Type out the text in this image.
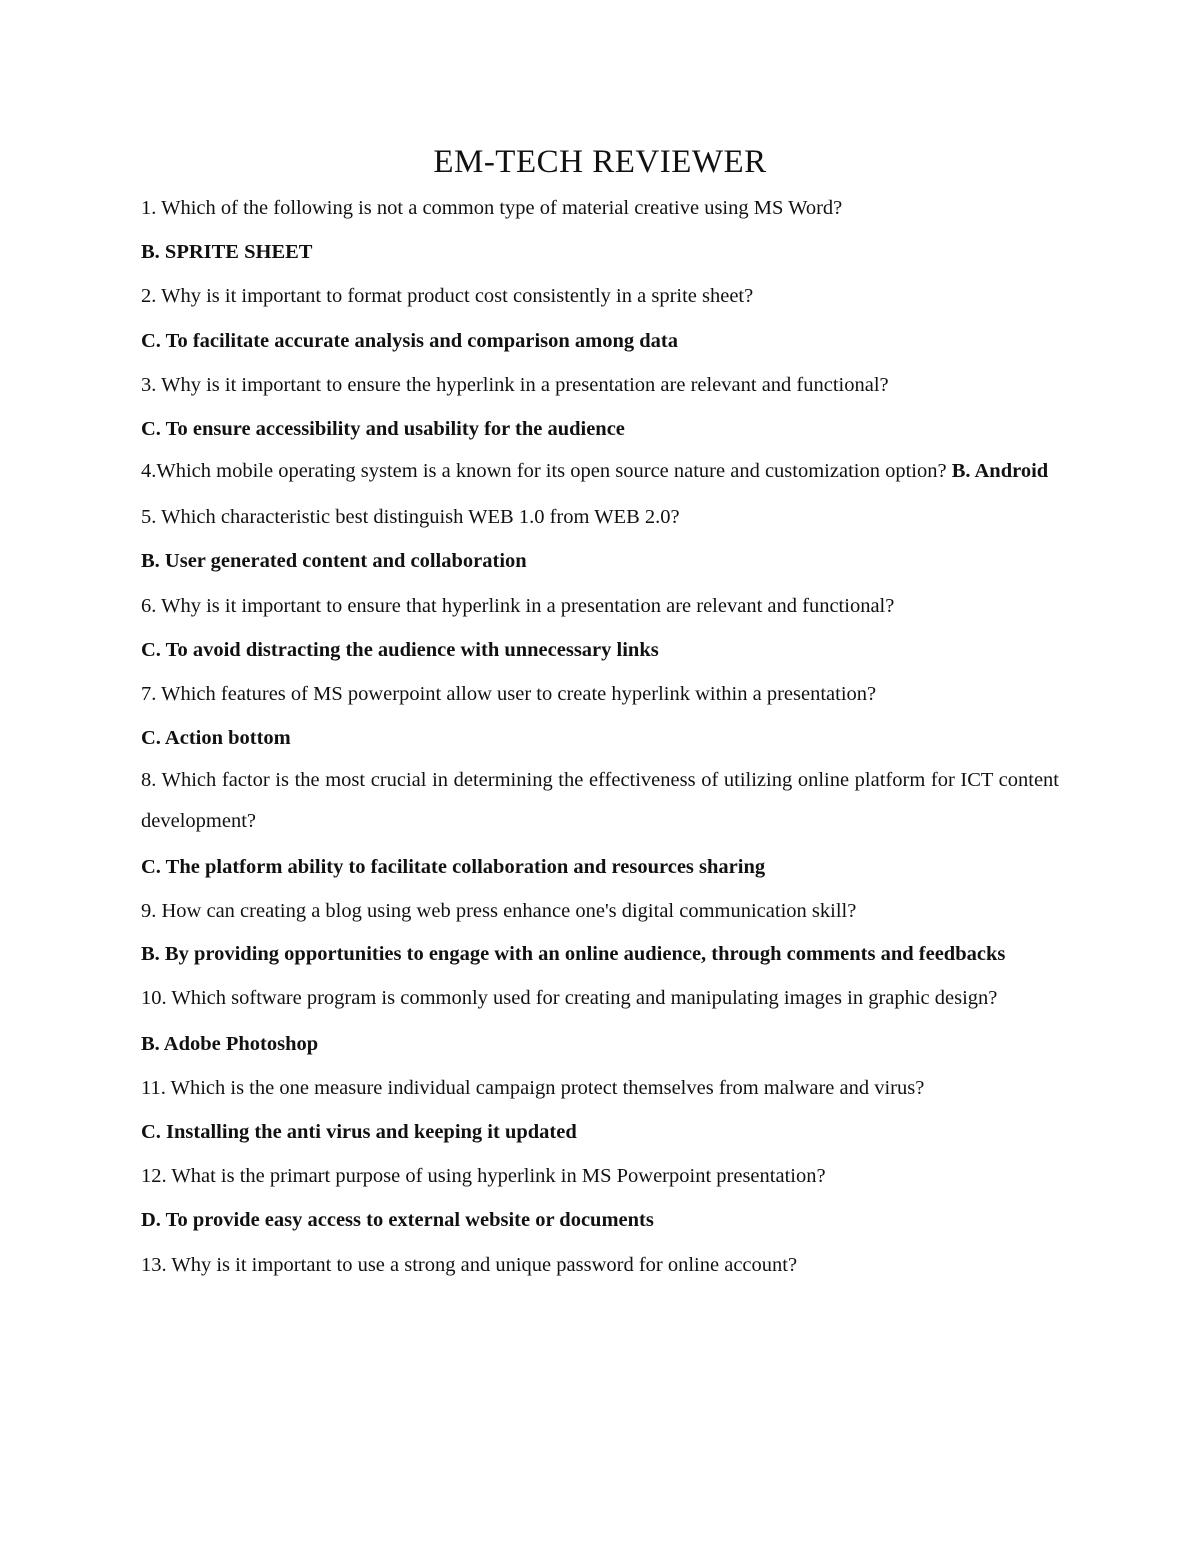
EM-TECH REVIEWER
1. Which of the following is not a common type of material creative using MS Word?
B. SPRITE SHEET
2. Why is it important to format product cost consistently in a sprite sheet?
C. To facilitate accurate analysis and comparison among data
3. Why is it important to ensure the hyperlink in a presentation are relevant and functional?
C. To ensure accessibility and usability for the audience
4.Which mobile operating system is a known for its open source nature and customization option? B. Android
5. Which characteristic best distinguish WEB 1.0 from WEB 2.0?
B. User generated content and collaboration
6. Why is it important to ensure that hyperlink in a presentation are relevant and functional?
C. To avoid distracting the audience with unnecessary links
7. Which features of MS powerpoint allow user to create hyperlink within a presentation?
C. Action bottom
8. Which factor is the most crucial in determining the effectiveness of utilizing online platform for ICT content development?
C. The platform ability to facilitate collaboration and resources sharing
9. How can creating a blog using web press enhance one's digital communication skill?
B. By providing opportunities to engage with an online audience, through comments and feedbacks
10. Which software program is commonly used for creating and manipulating images in graphic design?
B. Adobe Photoshop
11. Which is the one measure individual campaign protect themselves from malware and virus?
C. Installing the anti virus and keeping it updated
12. What is the primart purpose of using hyperlink in MS Powerpoint presentation?
D. To provide easy access to external website or documents
13. Why is it important to use a strong and unique password for online account?
